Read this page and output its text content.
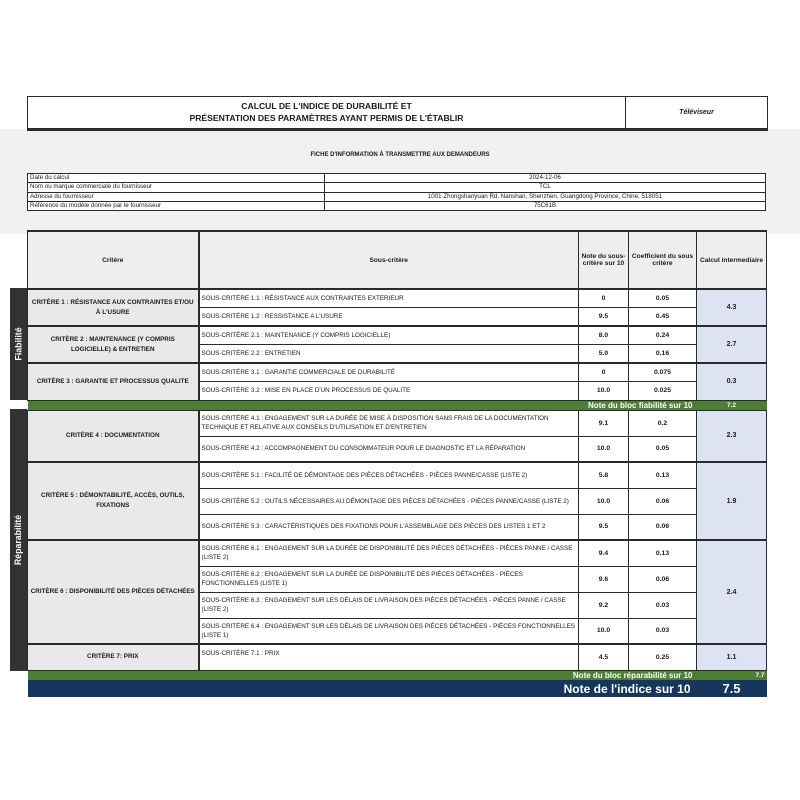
CALCUL DE L'INDICE DE DURABILITÉ ET
PRÉSENTATION DES PARAMÈTRES AYANT PERMIS DE L'ÉTABLIR
Téléviseur
FICHE D'INFORMATION À TRANSMETTRE AUX DEMANDEURS
Date du calcul	2024-12-06
Nom ou marque commerciale du fournisseur	TCL
Adresse du fournisseur	1001 Zhongshanyuan Rd, Nanshan, Shenzhen, Guangdong Province, Chine, 518051
Référence du modèle donnée par le fournisseur	75C61B
Fiabilité
Réparabilité
Critère	Sous-critère	Note du sous-critère sur 10	Coefficient du sous critère	Calcul intermediaire

CRITÈRE 1 : RÉSISTANCE AUX CONTRAINTES ET/OU À L'USURE	SOUS-CRITÈRE 1.1 : RÉSISTANCE AUX CONTRAINTES EXTERIEUR	0	0.05	4.3
	SOUS-CRITÈRE 1.2 : RESSISTANCE A L'USURE	9.5	0.45	

CRITÈRE 2 : MAINTENANCE (Y COMPRIS LOGICIELLE) & ENTRETIEN	SOUS-CRITÈRE 2.1 : MAINTENANCE (Y COMPRIS LOGICIELLE)	8.0	0.24	2.7
	SOUS-CRITÈRE 2.2 : ENTRETIEN	5.0	0.16	

CRITÈRE 3 : GARANTIE ET PROCESSUS QUALITE	SOUS-CRITÈRE 3.1 : GARANTIE COMMERCIALE DE DURABILITÉ	0	0.075	0.3
	SOUS-CRITÈRE 3.2 : MISE EN PLACE D'UN PROCESSUS DE QUALITE	10.0	0.025	
Note du bloc fiabilité sur 10				7.2

CRITÈRE 4 : DOCUMENTATION	SOUS-CRITÈRE 4.1 : ENGAGEMENT SUR LA DURÉE DE MISE À DISPOSITION SANS FRAIS DE LA DOCUMENTATION TECHNIQUE ET RELATIVE AUX CONSEILS D'UTILISATION ET D'ENTRETIEN	9.1	0.2	2.3
	SOUS-CRITÈRE 4.2 : ACCOMPAGNEMENT DU CONSOMMATEUR POUR LE DIAGNOSTIC ET LA RÉPARATION	10.0	0.05	

CRITÈRE 5 : DÉMONTABILITÉ, ACCÈS, OUTILS, FIXATIONS	SOUS-CRITÈRE 5.1 : FACILITÉ DE DÉMONTAGE DES PIÈCES DÉTACHÉES - PIÈCES PANNE/CASSE (LISTE 2)	5.8	0.13	1.9
	SOUS-CRITÈRE 5.2 : OUTILS NÉCESSAIRES AU DÉMONTAGE DES PIÈCES DÉTACHÉES - PIÈCES PANNE/CASSE (LISTE 2)	10.0	0.06	
	SOUS-CRITÈRE 5.3 : CARACTÉRISTIQUES DES FIXATIONS POUR L'ASSEMBLAGE DES PIÈCES DES LISTES 1 ET 2	9.5	0.06	

CRITÈRE 6 : DISPONIBILITÉ DES PIÈCES DÉTACHÉES	SOUS-CRITÈRE 6.1 : ENGAGEMENT SUR LA DURÉE DE DISPONIBILITÉ DES PIÈCES DÉTACHÉES - PIÈCES PANNE / CASSE (LISTE 2)	9.4	0.13	2.4
	SOUS-CRITÈRE 6.2 : ENGAGEMENT SUR LA DURÉE DE DISPONIBILITÉ DES PIÈCES DÉTACHÉES - PIÈCES FONCTIONNELLES (LISTE 1)	9.6	0.06	
	SOUS-CRITÈRE 6.3 : ENGAGEMENT SUR LES DÉLAIS DE LIVRAISON DES PIÈCES DÉTACHÉES - PIÈCES PANNE / CASSE (LISTE 2)	9.2	0.03	
	SOUS-CRITÈRE 6.4 : ENGAGEMENT SUR LES DÉLAIS DE LIVRAISON DES PIÈCES DÉTACHÉES - PIÈCES FONCTIONNELLES (LISTE 1)	10.0	0.03	

CRITÈRE 7: PRIX	SOUS-CRITÈRE 7.1 : PRIX	4.5	0.25	1.1
Note du bloc réparabilité sur 10				7.7
Note de l'indice sur 10				7.5
